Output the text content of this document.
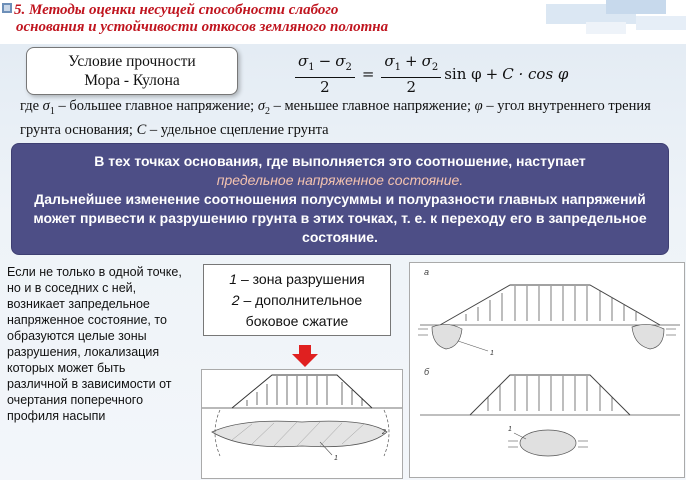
5. Методы оценки несущей способности слабого
основания и устойчивости откосов земляного полотна
Условие прочности
Мора - Кулона	$\frac{\sigma_1 - \sigma_2}{2} = \frac{\sigma_1 + \sigma_2}{2}$ sin φ + C · cos φ
где $\sigma_1$ – большее главное напряжение; $\sigma_2$ – меньшее главное напряжение; φ – угол внутреннего трения грунта основания; C – удельное сцепление грунта
В тех точках основания, где выполняется это соотношение, наступает
предельное напряженное состояние.
Дальнейшее изменение соотношения полусуммы и полуразности главных напряжений может привести к разрушению грунта в этих точках, т. е. к переходу его в запредельное состояние.
Если не только в одной точке, но и в соседних с ней, возникает запредельное напряженное состояние, то образуются целые зоны разрушения, локализация которых может быть различной в зависимости от очертания поперечного профиля насыпи
1 – зона разрушения
2 – дополнительное
боковое сжатие
1
2
а
1
б
1
